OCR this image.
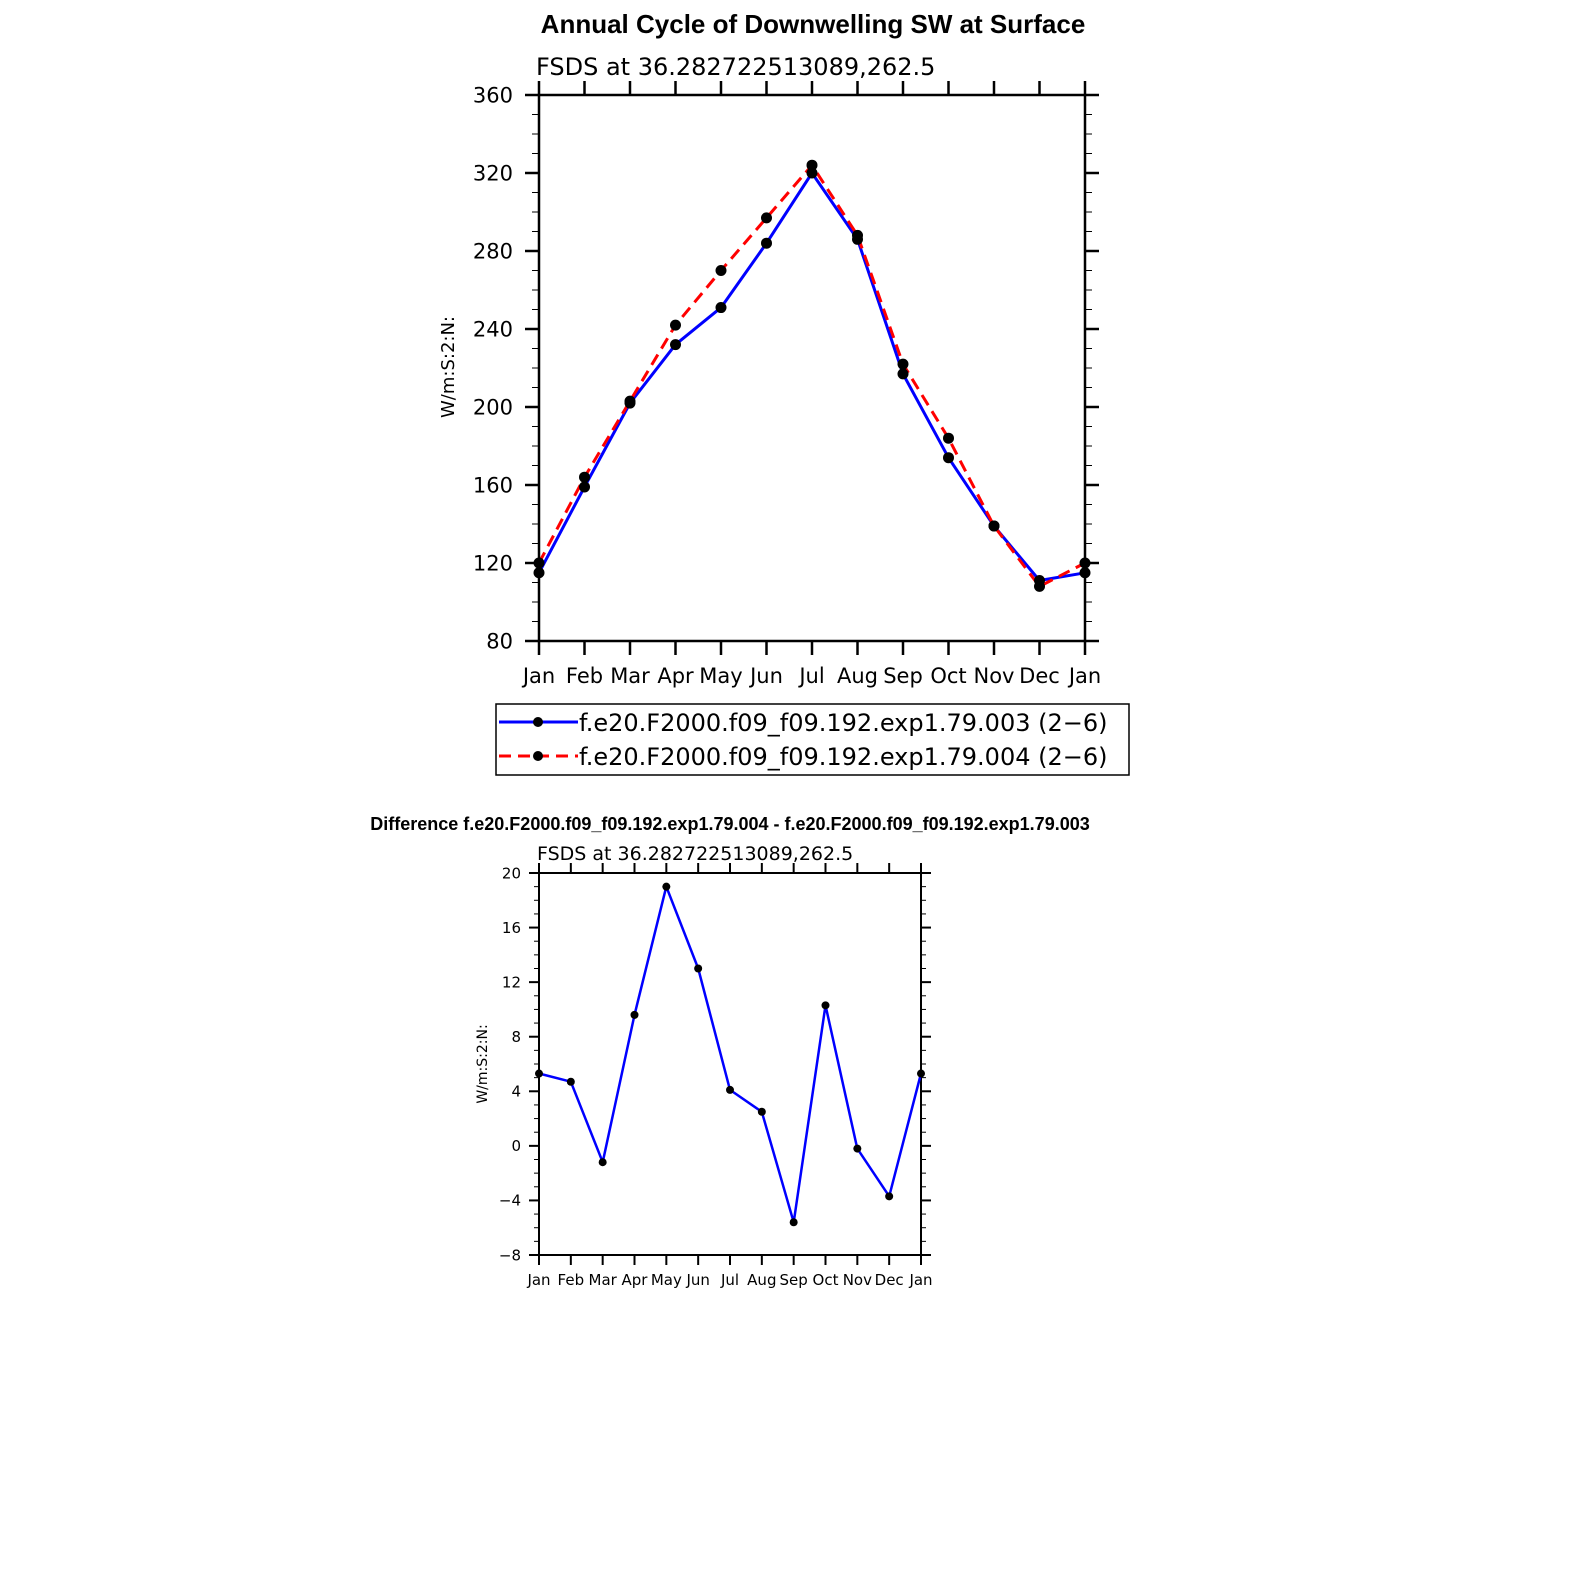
Annual Cycle of Downwelling SW at Surface
FSDS at 36.282722513089,262.5
W/m:S:2:N:
Jan Feb Mar Apr May Jun Jul Aug Sep Oct Nov Dec Jan
80
120
160
200
240
280
320
360
f.e20.F2000.f09_f09.192.exp1.79.003 (2−6)
f.e20.F2000.f09_f09.192.exp1.79.004 (2−6)
Difference f.e20.F2000.f09_f09.192.exp1.79.004 - f.e20.F2000.f09_f09.192.exp1.79.003
FSDS at 36.282722513089,262.5
W/m:S:2:N:
Jan Feb Mar Apr May Jun Jul Aug Sep Oct Nov Dec Jan
−8
−4
0
4
8
12
16
20
